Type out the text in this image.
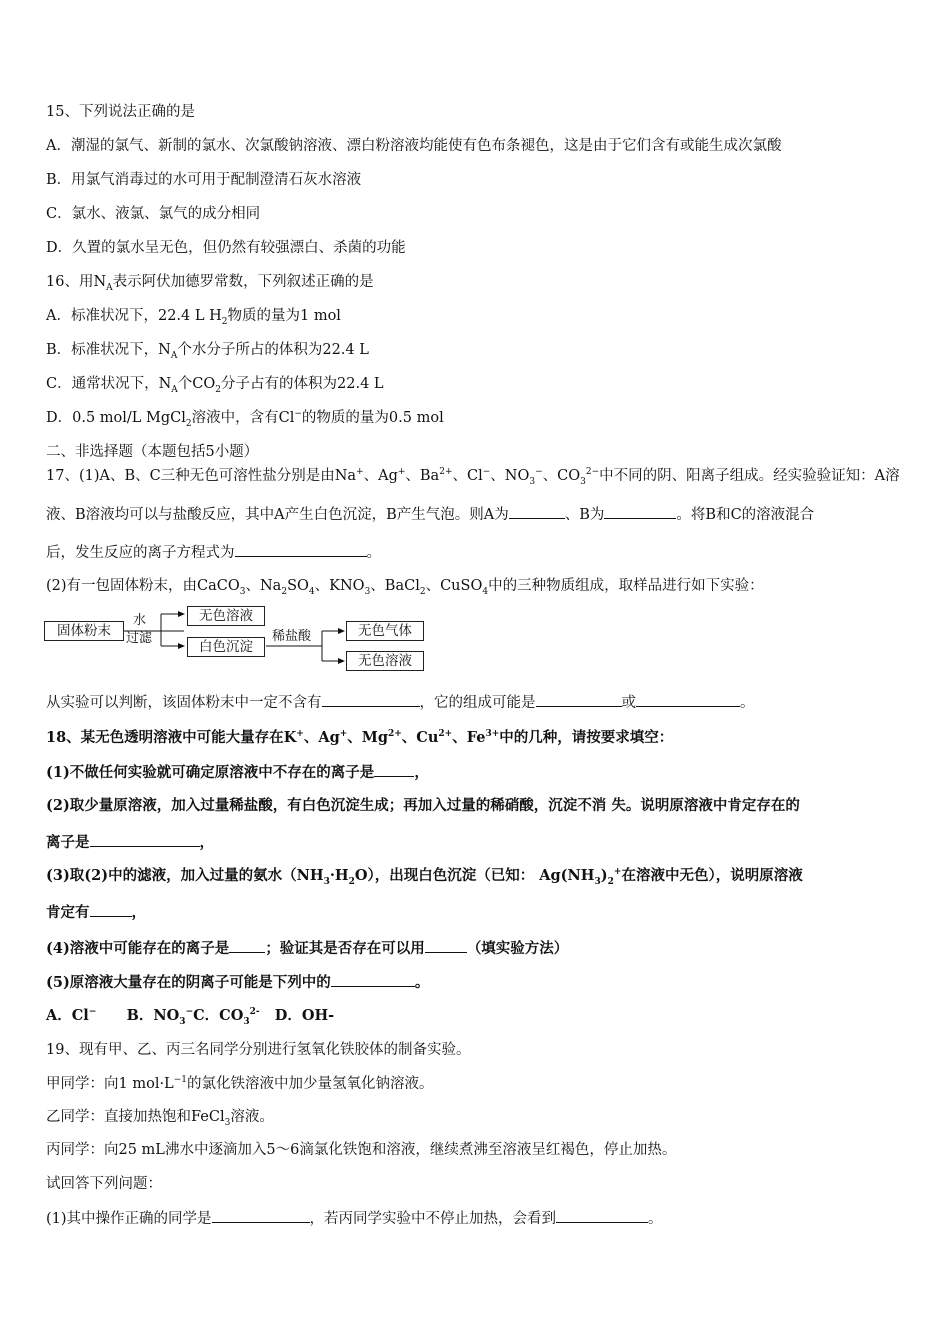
15、下列说法正确的是
A．潮湿的氯气、新制的氯水、次氯酸钠溶液、漂白粉溶液均能使有色布条褪色，这是由于它们含有或能生成次氯酸
B．用氯气消毒过的水可用于配制澄清石灰水溶液
C．氯水、液氯、氯气的成分相同
D．久置的氯水呈无色，但仍然有较强漂白、杀菌的功能
16、用$N_A$表示阿伏加德罗常数，下列叙述正确的是
A．标准状况下，22.4 L $H_2$物质的量为1 mol
B．标准状况下，$N_A$个水分子所占的体积为22.4 L
C．通常状况下，$N_A$个$CO_2$分子占有的体积为22.4 L
D．0.5 mol/L MgCl$_2$溶液中，含有Cl−的物质的量为0.5 mol
二、非选择题（本题包括5小题）
17、(1)A、B、C三种无色可溶性盐分别是由Na+、Ag+、$Ba^{2+}$、Cl−、$NO_3^-$、$CO_3^{2-}$中不同的阴、阳离子组成。经实验验证知：A溶
液、B溶液均可以与盐酸反应，其中A产生白色沉淀，B产生气泡。则A为	、B为	。将B和C的溶液混合
后，发生反应的离子方程式为	。
(2)有一包固体粉末，由CaCO$_3$、$Na_2SO_4$、$KNO_3$、BaCl$_2$、CuSO$_4$中的三种物质组成，取样品进行如下实验：
固体粉末
水
过滤
无色溶液
白色沉淀
稀盐酸	无色气体
无色溶液
从实验可以判断，该固体粉末中一定不含有	，它的组成可能是	或	。
18、某无色透明溶液中可能大量存在K+、Ag+、$Mg^{2+}$、$Cu^{2+}$、$Fe^{3+}$中的几种，请按要求填空：
(1)不做任何实验就可确定原溶液中不存在的离子是	，
(2)取少量原溶液，加入过量稀盐酸，有白色沉淀生成；再加入过量的稀硝酸，沉淀不消 失。说明原溶液中肯定存在的
离子是	，
(3)取(2)中的滤液，加入过量的氨水$(NH_3\cdot H_2O)$，出现白色沉淀（已知： $Ag(NH_3)_2^+$在溶液中无色），说明原溶液
肯定有	，
(4)溶液中可能存在的离子是 ；验证其是否存在可以用	（填实验方法）
(5)原溶液大量存在的阴离子可能是下列中的	。
A．Cl− B．$NO_3^-C$．$CO_3^{2-}$ D．OH-
19、现有甲、乙、丙三名同学分别进行氢氧化铁胶体的制备实验。
甲同学：向1 $mol\cdot L^{-1}$的氯化铁溶液中加少量氢氧化钠溶液。
乙同学：直接加热饱和FeCl$_3$溶液。
丙同学：向25 mL沸水中逐滴加入5～6滴氯化铁饱和溶液，继续煮沸至溶液呈红褐色，停止加热。
试回答下列问题：
(1)其中操作正确的同学是	，若丙同学实验中不停止加热，会看到	。
